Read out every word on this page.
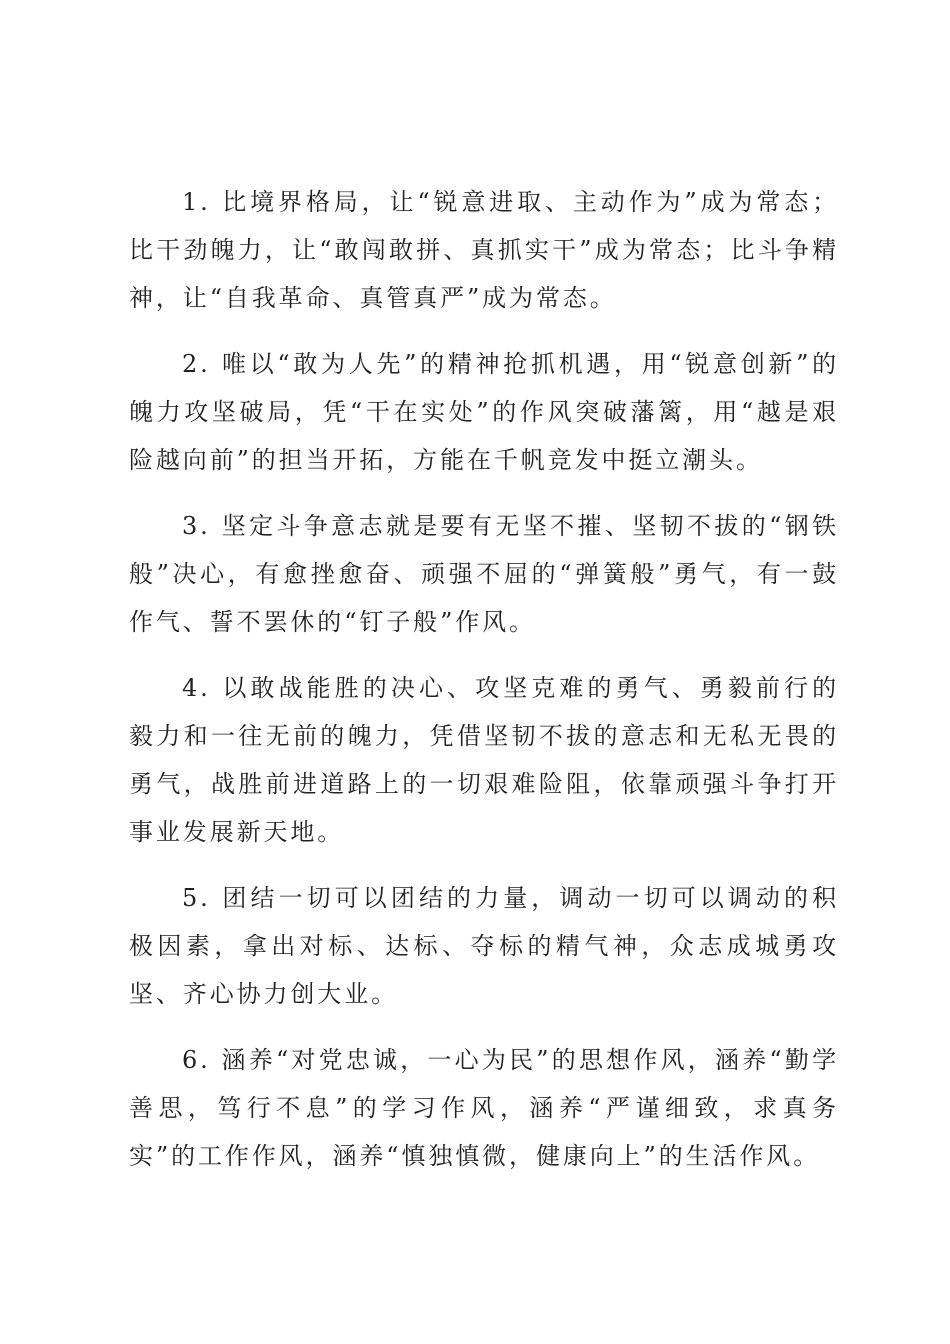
1. 比境界格局，让“锐意进取、主动作为”成为常态；比干劲魄力，让“敢闯敢拼、真抓实干”成为常态；比斗争精神，让“自我革命、真管真严”成为常态。

2. 唯以“敢为人先”的精神抢抓机遇，用“锐意创新”的魄力攻坚破局，凭“干在实处”的作风突破藩篱，用“越是艰险越向前”的担当开拓，方能在千帆竞发中挺立潮头。

3. 坚定斗争意志就是要有无坚不摧、坚韧不拔的“钢铁般”决心，有愈挫愈奋、顽强不屈的“弹簧般”勇气，有一鼓作气、誓不罢休的“钉子般”作风。

4. 以敢战能胜的决心、攻坚克难的勇气、勇毅前行的毅力和一往无前的魄力，凭借坚韧不拔的意志和无私无畏的勇气，战胜前进道路上的一切艰难险阻，依靠顽强斗争打开事业发展新天地。

5. 团结一切可以团结的力量，调动一切可以调动的积极因素，拿出对标、达标、夺标的精气神，众志成城勇攻坚、齐心协力创大业。

6. 涵养“对党忠诚，一心为民”的思想作风，涵养“勤学善思，笃行不息”的学习作风，涵养“严谨细致，求真务实”的工作作风，涵养“慎独慎微，健康向上”的生活作风。
